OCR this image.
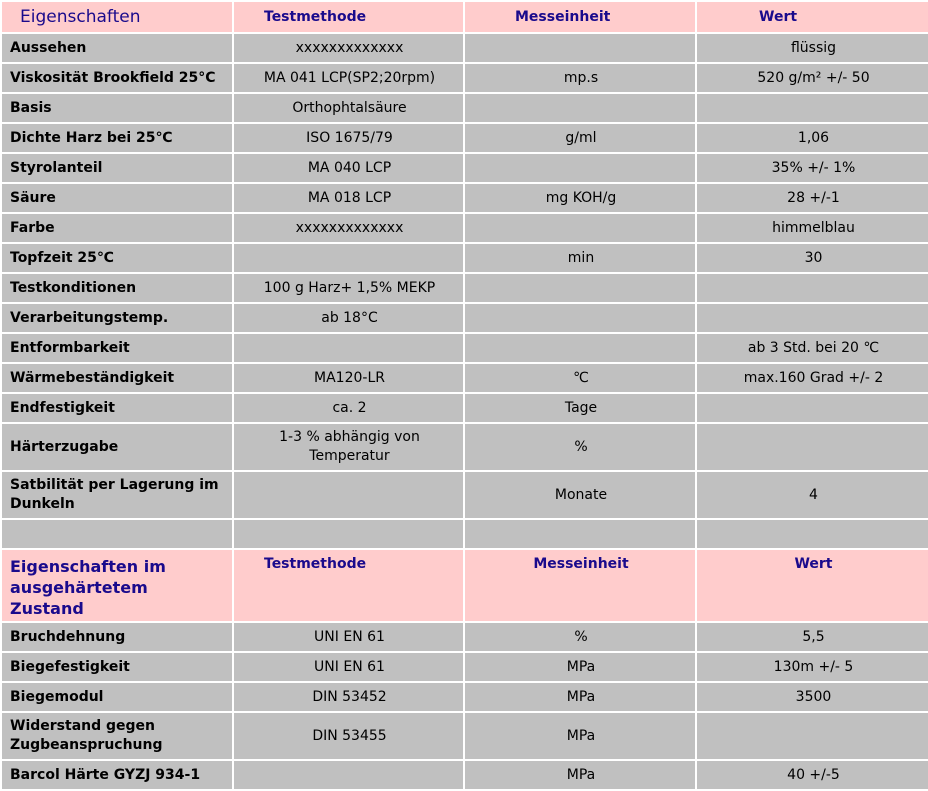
Eigenschaften	Testmethode	Messeinheit	Wert
Aussehen	xxxxxxxxxxxxx		flüssig
Viskosität Brookfield 25°C	MA 041 LCP(SP2;20rpm)	mp.s	520 g/m² +/- 50
Basis	Orthophtalsäure		
Dichte Harz bei 25℃	ISO 1675/79	g/ml	1,06
Styrolanteil	MA 040 LCP		35% +/- 1%
Säure	MA 018 LCP	mg KOH/g	28 +/-1
Farbe	xxxxxxxxxxxxx		himmelblau
Topfzeit 25℃		min	30
Testkonditionen	100 g Harz+ 1,5% MEKP		
Verarbeitungstemp.	ab 18°C		
Entformbarkeit			ab 3 Std. bei 20 ℃
Wärmebeständigkeit	MA120-LR	℃	max.160 Grad +/- 2
Endfestigkeit	ca. 2	Tage	
Härterzugabe	1-3 % abhängig von Temperatur	%	
Satbilität per Lagerung im Dunkeln		Monate	4

Eigenschaften im ausgehärtetem Zustand	Testmethode	Messeinheit	Wert
Bruchdehnung	UNI EN 61	%	5,5
Biegefestigkeit	UNI EN 61	MPa	130m +/- 5
Biegemodul	DIN 53452	MPa	3500
Widerstand gegen Zugbeanspruchung	DIN 53455	MPa	
Barcol Härte GYZJ 934-1		MPa	40 +/-5
